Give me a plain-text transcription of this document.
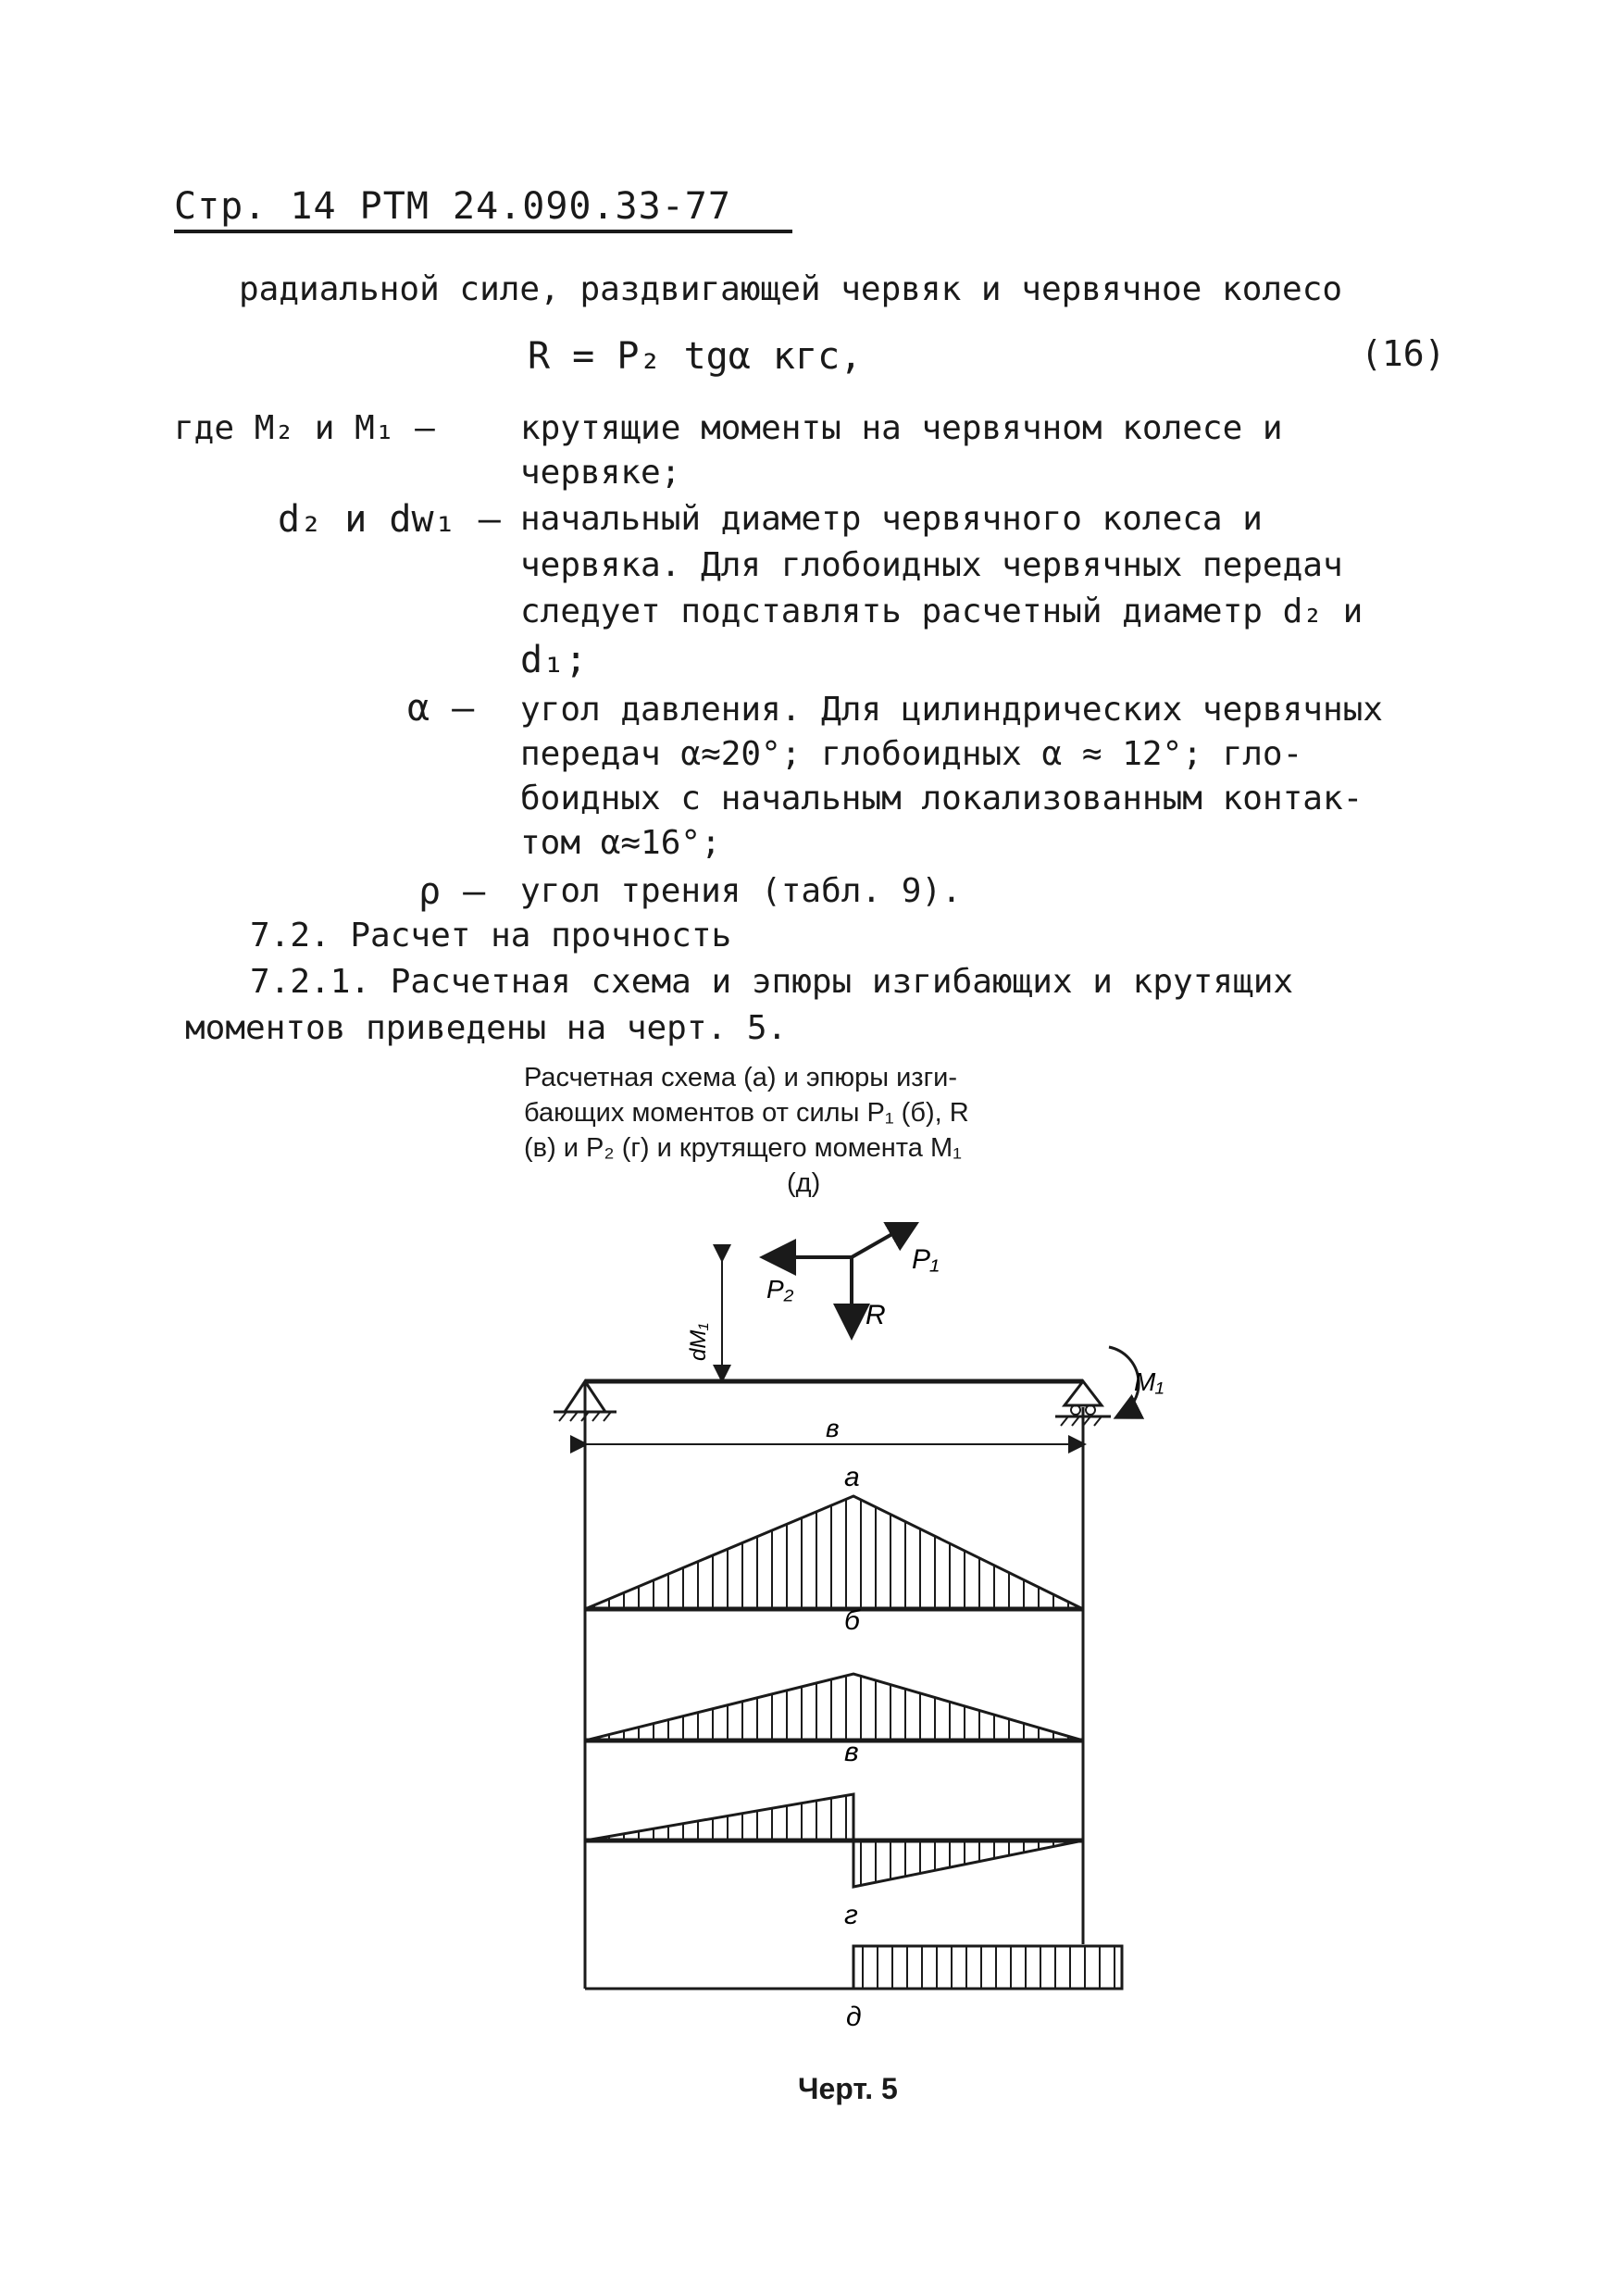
Стр. 14 РТМ 24.090.33-77
радиальной силе, раздвигающей червяк и червячное колесо
R = P₂ tgα кгс,	(16)
где M₂ и M₁ –	крутящие моменты на червячном колесе и
червяке;
d₂ и dw₁ – начальный диаметр червячного колеса и
червяка. Для глобоидных червячных передач
следует подставлять расчетный диаметр d₂ и
d₁;
α – угол давления. Для цилиндрических червячных
передач α≈20°; глобоидных α ≈ 12°; гло-
боидных с начальным локализованным контак-
том α≈16°;
ρ – угол трения (табл. 9).
7.2. Расчет на прочность
7.2.1. Расчетная схема и эпюры изгибающих и крутящих
моментов приведены на черт. 5.
Расчетная схема (а) и эпюры изги-
бающих моментов от силы P₁ (б), R
(в) и P₂ (г) и крутящего момента M₁
(д)
P₁
P₂
R
dM₁
M₁
в
а
б
в
г
д
Черт. 5
